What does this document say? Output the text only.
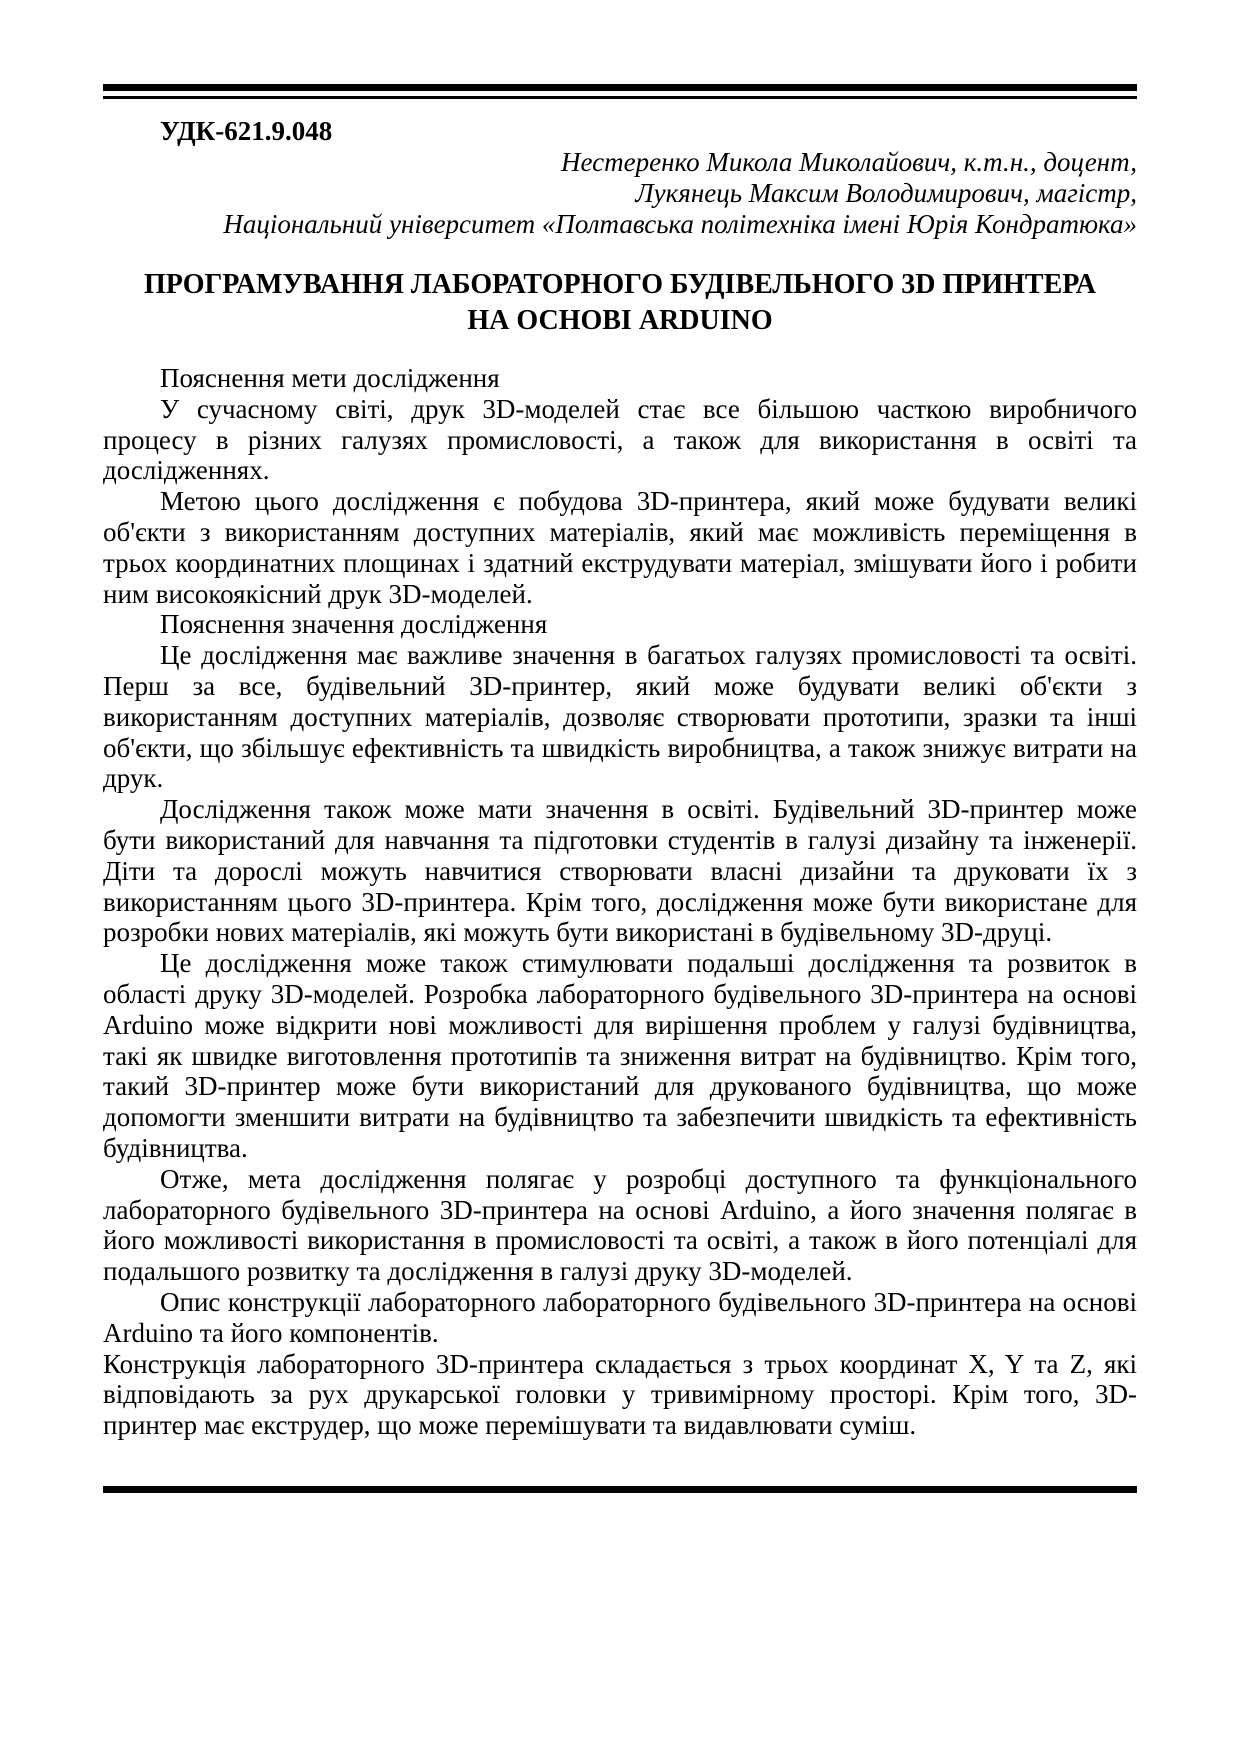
УДК-621.9.048

Нестеренко Микола Миколайович, к.т.н., доцент,

Лукянець Максим Володимирович, магістр,

Національний університет «Полтавська політехніка імені Юрія Кондратюка»

ПРОГРАМУВАННЯ ЛАБОРАТОРНОГО БУДІВЕЛЬНОГО 3D ПРИНТЕРА
НА ОСНОВІ ARDUINO

Пояснення мети дослідження

У сучасному світі, друк 3D-моделей стає все більшою часткою виробничого процесу в різних галузях промисловості, а також для використання в освіті та дослідженнях.

Метою цього дослідження є побудова 3D-принтера, який може будувати великі об'єкти з використанням доступних матеріалів, який має можливість переміщення в трьох координатних площинах і здатний екструдувати матеріал, змішувати його і робити ним високоякісний друк 3D-моделей.

Пояснення значення дослідження

Це дослідження має важливе значення в багатьох галузях промисловості та освіті. Перш за все, будівельний 3D-принтер, який може будувати великі об'єкти з використанням доступних матеріалів, дозволяє створювати прототипи, зразки та інші об'єкти, що збільшує ефективність та швидкість виробництва, а також знижує витрати на друк.

Дослідження також може мати значення в освіті. Будівельний 3D-принтер може бути використаний для навчання та підготовки студентів в галузі дизайну та інженерії. Діти та дорослі можуть навчитися створювати власні дизайни та друковати їх з використанням цього 3D-принтера. Крім того, дослідження може бути використане для розробки нових матеріалів, які можуть бути використані в будівельному 3D-друці.

Це дослідження може також стимулювати подальші дослідження та розвиток в області друку 3D-моделей. Розробка лабораторного будівельного 3D-принтера на основі Arduino може відкрити нові можливості для вирішення проблем у галузі будівництва, такі як швидке виготовлення прототипів та зниження витрат на будівництво. Крім того, такий 3D-принтер може бути використаний для друкованого будівництва, що може допомогти зменшити витрати на будівництво та забезпечити швидкість та ефективність будівництва.

Отже, мета дослідження полягає у розробці доступного та функціонального лабораторного будівельного 3D-принтера на основі Arduino, а його значення полягає в його можливості використання в промисловості та освіті, а також в його потенціалі для подальшого розвитку та дослідження в галузі друку 3D-моделей.

Опис конструкції лабораторного лабораторного будівельного 3D-принтера на основі Arduino та його компонентів.

Конструкція лабораторного 3D-принтера складається з трьох координат X, Y та Z, які відповідають за рух друкарської головки у тривимірному просторі. Крім того, 3D-принтер має екструдер, що може перемішувати та видавлювати суміш.
